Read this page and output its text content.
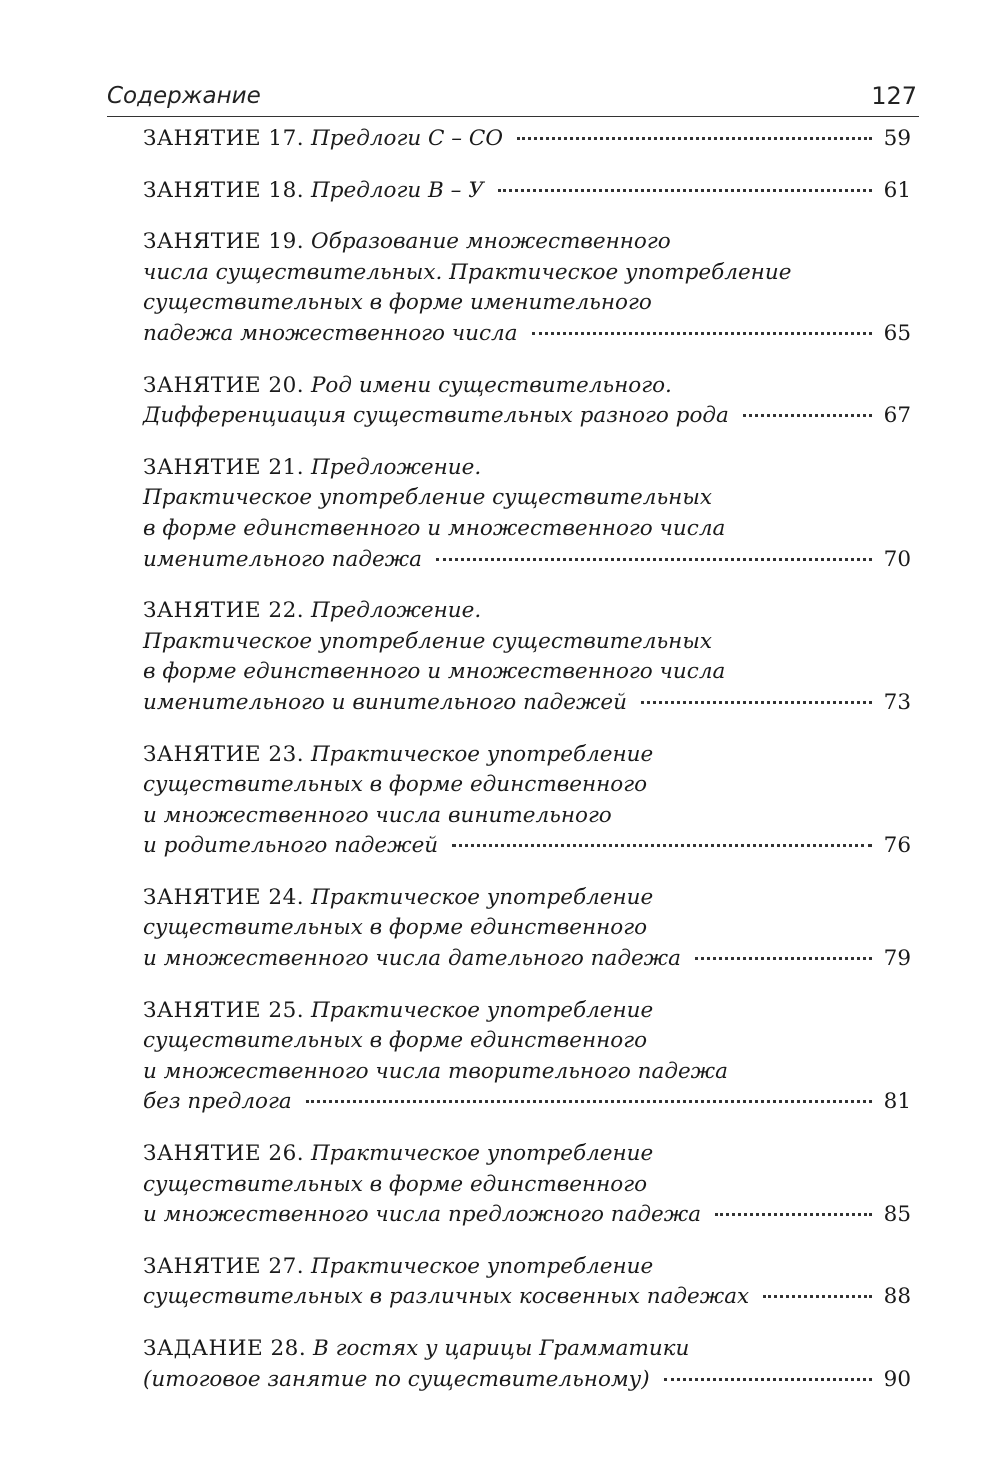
Содержание	127
ЗАНЯТИЕ 17.
Предлоги С – СО	59
ЗАНЯТИЕ 18.
Предлоги В – У	61
ЗАНЯТИЕ 19.
Образование множественного
числа существительных. Практическое употребление
существительных в форме именительного
падежа множественного числа	65
ЗАНЯТИЕ 20.
Род имени существительного.
Дифференциация существительных разного рода	67
ЗАНЯТИЕ 21.
Предложение.
Практическое употребление существительных
в форме единственного и множественного числа
именительного падежа	70
ЗАНЯТИЕ 22.
Предложение.
Практическое употребление существительных
в форме единственного и множественного числа
именительного и винительного падежей	73
ЗАНЯТИЕ 23.
Практическое употребление
существительных в форме единственного
и множественного числа винительного
и родительного падежей	76
ЗАНЯТИЕ 24.
Практическое употребление
существительных в форме единственного
и множественного числа дательного падежа	79
ЗАНЯТИЕ 25.
Практическое употребление
существительных в форме единственного
и множественного числа творительного падежа
без предлога	81
ЗАНЯТИЕ 26.
Практическое употребление
существительных в форме единственного
и множественного числа предложного падежа	85
ЗАНЯТИЕ 27.
Практическое употребление
существительных в различных косвенных падежах	88
ЗАДАНИЕ 28.
В гостях у царицы Грамматики
(итоговое занятие по существительному)	90
